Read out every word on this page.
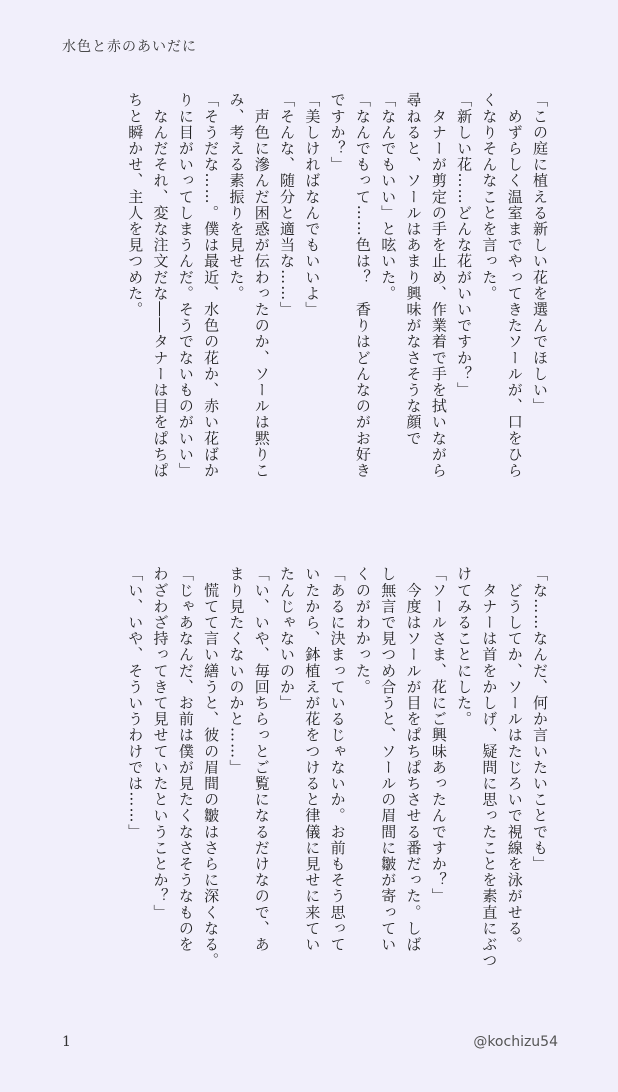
水色と赤のあいだに
「この庭に植える新しい花を選んでほしい」
　めずらしく温室までやってきたソールが、口をひら
くなりそんなことを言った。
「新しい花……どんな花がいいですか？」
　タナーが剪定の手を止め、作業着で手を拭いながら
尋ねると、ソールはあまり興味がなさそうな顔で
「なんでもいい」と呟いた。
「なんでもって……色は？　香りはどんなのがお好き
ですか？」
「美しければなんでもいいよ」
「そんな、随分と適当な……」
　声色に滲んだ困惑が伝わったのか、ソールは黙りこ
み、考える素振りを見せた。
「そうだな……。僕は最近、水色の花か、赤い花ばか
りに目がいってしまうんだ。そうでないものがいい」
　なんだそれ、変な注文だな――タナーは目をぱちぱ
ちと瞬かせ、主人を見つめた。
「な……なんだ、何か言いたいことでも」
　どうしてか、ソールはたじろいで視線を泳がせる。
　タナーは首をかしげ、疑問に思ったことを素直にぶつ
けてみることにした。
「ソールさま、花にご興味あったんですか？」
　今度はソールが目をぱちぱちさせる番だった。しば
し無言で見つめ合うと、ソールの眉間に皺が寄ってい
くのがわかった。
「あるに決まっているじゃないか。お前もそう思って
いたから、鉢植えが花をつけると律儀に見せに来てい
たんじゃないのか」
「い、いや、毎回ちらっとご覧になるだけなので、あ
まり見たくないのかと……」
　慌てて言い繕うと、彼の眉間の皺はさらに深くなる。
「じゃあなんだ、お前は僕が見たくなさそうなものを
わざわざ持ってきて見せていたということか？」
「い、いや、そういうわけでは……」
1	@kochizu54
